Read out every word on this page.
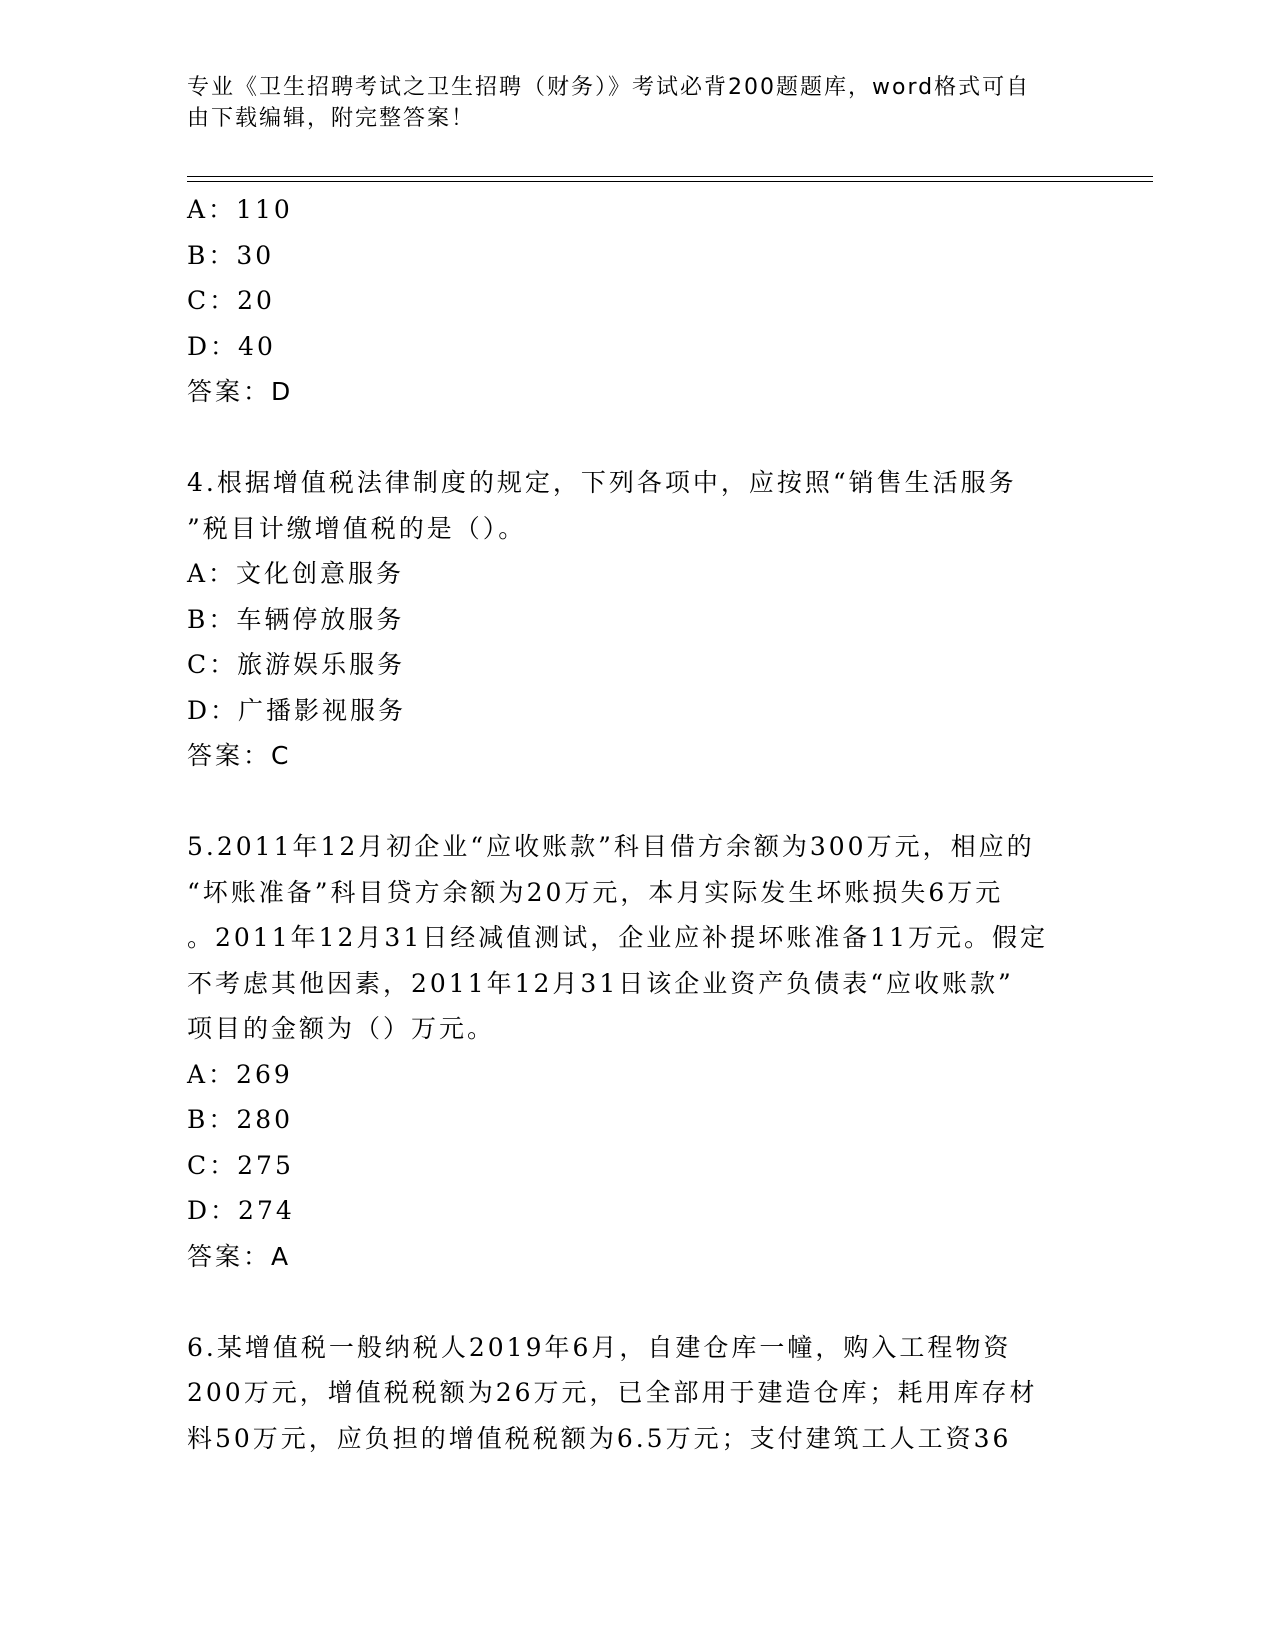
专业《卫生招聘考试之卫生招聘（财务）》考试必背200题题库，word格式可自
由下载编辑，附完整答案！
A：110
B：30
C：20
D：40
答案：D
4.根据增值税法律制度的规定，下列各项中，应按照“销售生活服务
”税目计缴增值税的是（）。
A：文化创意服务
B：车辆停放服务
C：旅游娱乐服务
D：广播影视服务
答案：C
5.2011年12月初企业“应收账款”科目借方余额为300万元，相应的
“坏账准备”科目贷方余额为20万元，本月实际发生坏账损失6万元
。2011年12月31日经减值测试，企业应补提坏账准备11万元。假定
不考虑其他因素，2011年12月31日该企业资产负债表“应收账款”
项目的金额为（）万元。
A：269
B：280
C：275
D：274
答案：A
6.某增值税一般纳税人2019年6月，自建仓库一幢，购入工程物资
200万元，增值税税额为26万元，已全部用于建造仓库；耗用库存材
料50万元，应负担的增值税税额为6.5万元；支付建筑工人工资36
